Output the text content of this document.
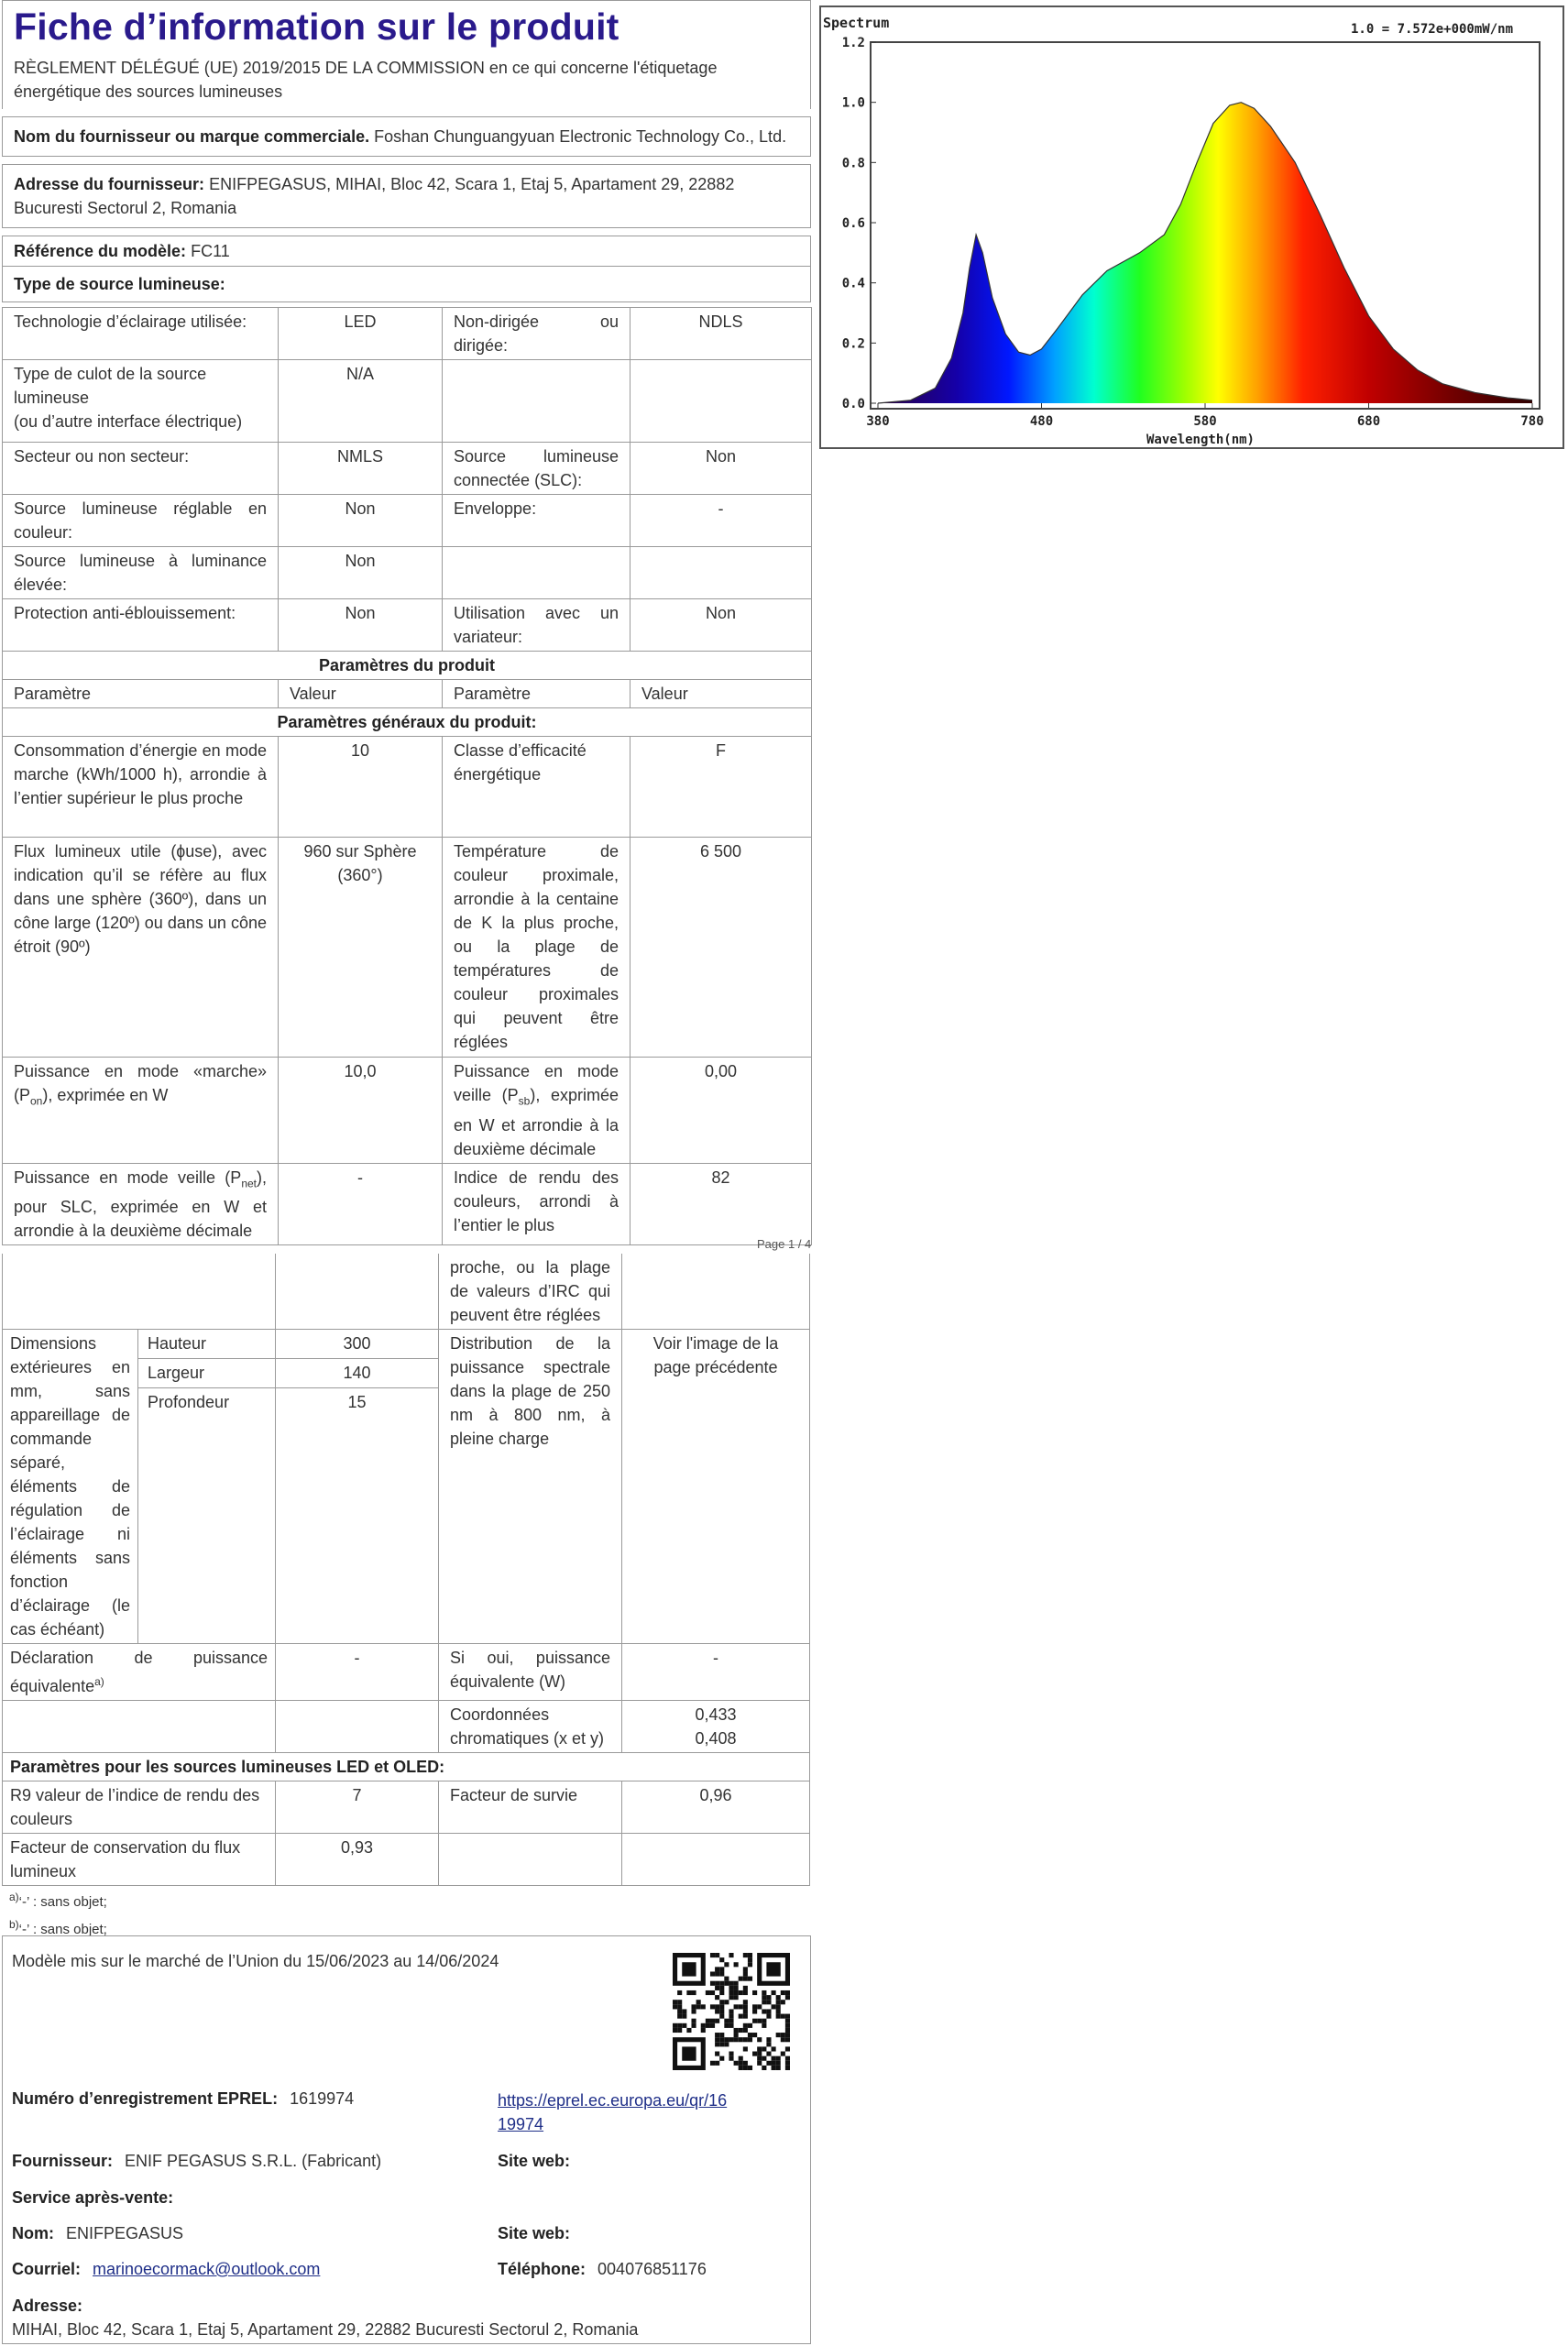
Fiche d’information sur le produit
RÈGLEMENT DÉLÉGUÉ (UE) 2019/2015 DE LA COMMISSION en ce qui concerne l'étiquetage énergétique des sources lumineuses
Nom du fournisseur ou marque commerciale. Foshan Chunguangyuan Electronic Technology Co., Ltd.
Adresse du fournisseur: ENIFPEGASUS, MIHAI, Bloc 42, Scara 1, Etaj 5, Apartament 29, 22882 Bucuresti Sectorul 2, Romania
Référence du modèle: FC11
Type de source lumineuse:
Technologie d’éclairage utilisée:	LED	Non-dirigée ou dirigée:	NDLS

Type de culot de la source lumineuse
(ou d’autre interface électrique)	N/A		
Secteur ou non secteur:	NMLS	Source lumineuse connectée (SLC):	Non
Source lumineuse réglable en couleur:	Non	Enveloppe:	-
Source lumineuse à luminance élevée:	Non		
Protection anti-éblouissement:	Non	Utilisation avec un variateur:	Non
Paramètres du produit			
Paramètre	Valeur	Paramètre	Valeur
Paramètres généraux du produit:			
Consommation d’énergie en mode marche (kWh/1000 h), arrondie à l’entier supérieur le plus proche	10	Classe d’efficacité énergétique	F
Flux lumineux utile (ɸuse), avec indication qu’il se réfère au flux dans une sphère (360º), dans un cône large (120º) ou dans un cône étroit (90º)	960 sur Sphère (360°)	Température de couleur proximale, arrondie à la centaine de K la plus proche, ou la plage de températures de couleur proximales qui peuvent être réglées	6 500
Puissance en mode «marche» $(P_{on})$, exprimée en W	10,0	Puissance en mode veille $(P_{sb})$, exprimée en W et arrondie à la deuxième décimale	0,00
Puissance en mode veille $(P_{net})$, pour SLC, exprimée en W et arrondie à la deuxième décimale	-	Indice de rendu des couleurs, arrondi à l’entier le plus	82
Page 1 / 4
			proche, ou la plage de valeurs d’IRC qui peuvent être réglées	
Dimensions extérieures en mm, sans appareillage de commande séparé, éléments de régulation de l’éclairage ni éléments sans fonction d’éclairage (le cas échéant)	Hauteur	300	Distribution de la puissance spectrale dans la plage de 250 nm à 800 nm, à pleine charge	Voir l'image de la page précédente
	Largeur	140		
	Profondeur	15		
Déclaration de puissance équivalente$^{a)}$		-	Si oui, puissance équivalente (W)	-
			Coordonnées chromatiques (x et y)	0,433
0,408

Paramètres pour les sources lumineuses LED et OLED:				
R9 valeur de l’indice de rendu des couleurs		7	Facteur de survie	0,96
Facteur de conservation du flux lumineux		0,93		
$^{a)}$‘-’ : sans objet;
$^{b)}$‘-’ : sans objet;
Modèle mis sur le marché de l’Union du 15/06/2023 au 14/06/2024
Numéro d’enregistrement EPREL: 1619974	https://eprel.ec.europa.eu/qr/16
19974
Fournisseur: ENIF PEGASUS S.R.L. (Fabricant)	Site web:
Service après-vente:
Nom: ENIFPEGASUS	Site web:
Courriel: marinoecormack@outlook.com	Téléphone: 004076851176
Adresse:
MIHAI, Bloc 42, Scara 1, Etaj 5, Apartament 29, 22882 Bucuresti Sectorul 2, Romania
Spectrum	1.0 = 7.572e+000mW/nm
380	480	580	680	780
0.0
0.2
0.4
0.6
0.8
1.0
1.2
Wavelength(nm)
